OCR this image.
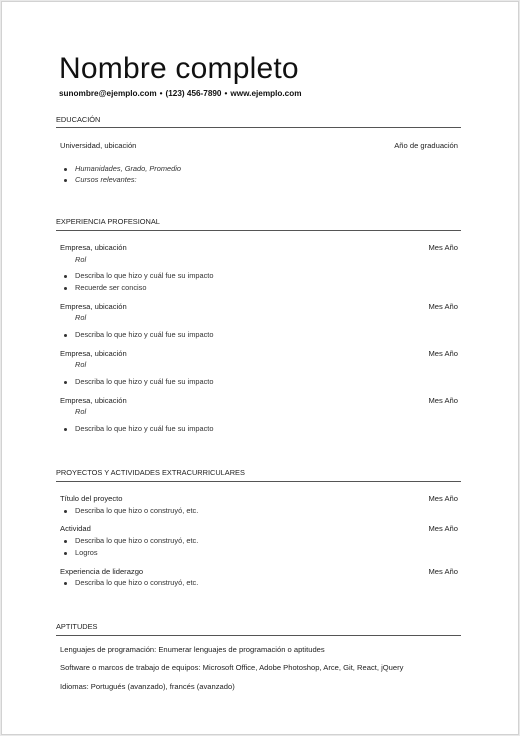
Nombre completo
sunombre@ejemplo.com • (123) 456-7890 • www.ejemplo.com
EDUCACIÓN
Universidad, ubicación	Año de graduación
Humanidades, Grado, Promedio
Cursos relevantes:
EXPERIENCIA PROFESIONAL
Empresa, ubicación	Mes Año
Rol
Describa lo que hizo y cuál fue su impacto
Recuerde ser conciso
Empresa, ubicación	Mes Año
Rol
Describa lo que hizo y cuál fue su impacto
Empresa, ubicación	Mes Año
Rol
Describa lo que hizo y cuál fue su impacto
Empresa, ubicación	Mes Año
Rol
Describa lo que hizo y cuál fue su impacto
PROYECTOS Y ACTIVIDADES EXTRACURRICULARES
Título del proyecto	Mes Año
Describa lo que hizo o construyó, etc.
Actividad	Mes Año
Describa lo que hizo o construyó, etc.
Logros
Experiencia de liderazgo	Mes Año
Describa lo que hizo o construyó, etc.
APTITUDES
Lenguajes de programación: Enumerar lenguajes de programación o aptitudes
Software o marcos de trabajo de equipos: Microsoft Office, Adobe Photoshop, Arce, Git, React, jQuery
Idiomas: Portugués (avanzado), francés (avanzado)
